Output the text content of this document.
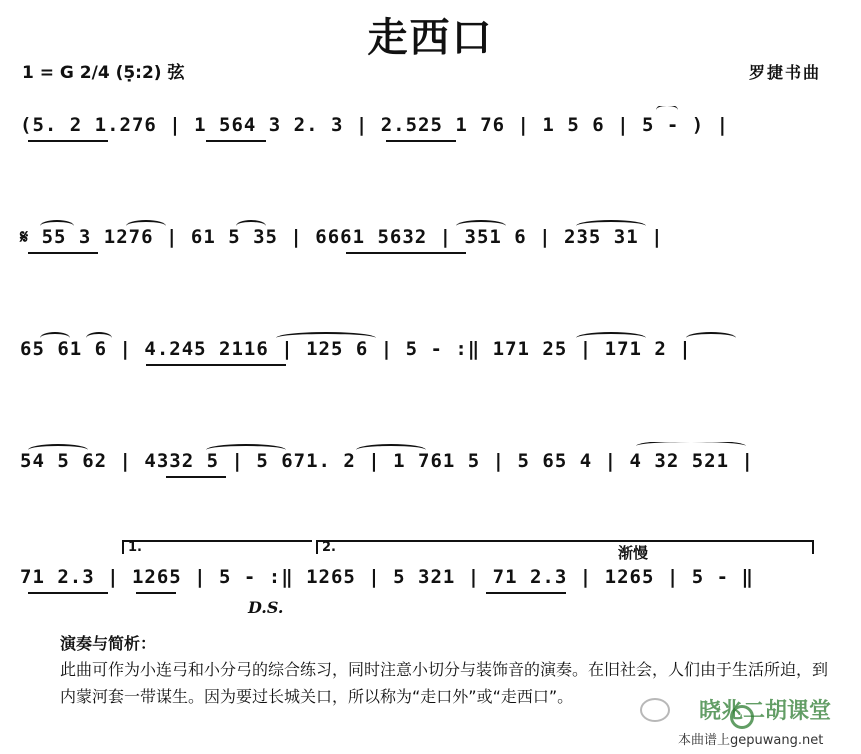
走西口
1 = G 2/4 (5̣:2) 弦	罗捷书曲
(5. 2 1.276 | 1 564 3 2. 3 | 2.525 1 76 | 1 5 6 | 5 - ) |
𝄋 55 3 1276 | 61 5 35 | 6661 5632 | 351 6 | 235 31 |
65 61 6 | 4.245 2116 | 125 6 | 5 - :‖ 171 25 | 171 2 |
54 5 62 | 4332 5 | 5 671. 2 | 1 761 5 | 5 65 4 | 4 32 521 |
71 2.3 | 1265 | 5 - :‖ 1265 | 5 321 | 71 2.3 | 1265 | 5 - ‖
1.	2.	渐慢
D.S.
演奏与简析：
此曲可作为小连弓和小分弓的综合练习，同时注意小切分与装饰音的演奏。在旧社会，人们由于生活所迫，到内蒙河套一带谋生。因为要过长城关口，所以称为“走口外”或“走西口”。
晓兆二胡课堂
本曲谱上gepuwang.net
